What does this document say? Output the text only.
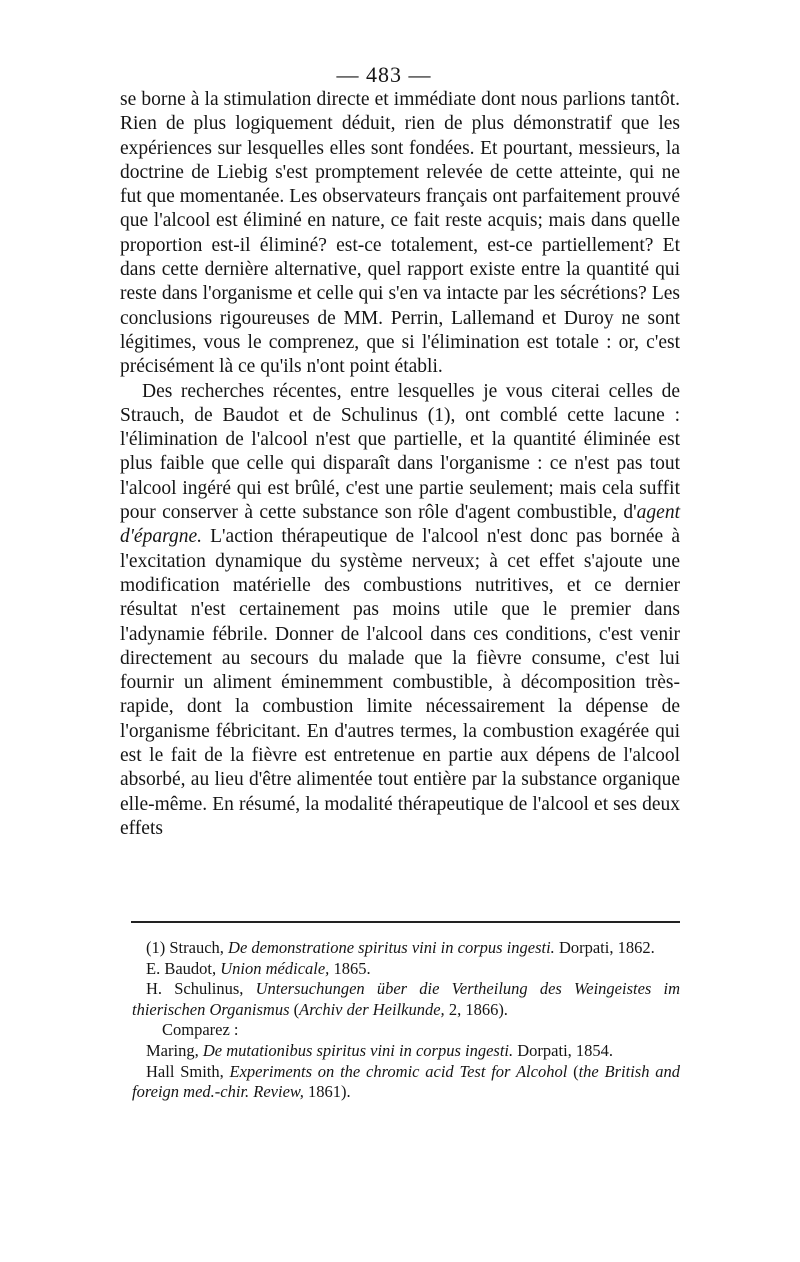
— 483 —

se borne à la stimulation directe et immédiate dont nous parlions tantôt. Rien de plus logiquement déduit, rien de plus démonstratif que les expériences sur lesquelles elles sont fondées. Et pourtant, messieurs, la doctrine de Liebig s'est promptement relevée de cette atteinte, qui ne fut que momentanée. Les observateurs français ont parfaitement prouvé que l'alcool est éliminé en nature, ce fait reste acquis; mais dans quelle proportion est-il éliminé? est-ce totalement, est-ce partiellement? Et dans cette dernière alternative, quel rapport existe entre la quantité qui reste dans l'organisme et celle qui s'en va intacte par les sécrétions? Les conclusions rigoureuses de MM. Perrin, Lallemand et Duroy ne sont légitimes, vous le comprenez, que si l'élimination est totale : or, c'est précisément là ce qu'ils n'ont point établi.

Des recherches récentes, entre lesquelles je vous citerai celles de Strauch, de Baudot et de Schulinus (1), ont comblé cette lacune : l'élimination de l'alcool n'est que partielle, et la quantité éliminée est plus faible que celle qui disparaît dans l'organisme : ce n'est pas tout l'alcool ingéré qui est brûlé, c'est une partie seulement; mais cela suffit pour conserver à cette substance son rôle d'agent combustible, d'agent d'épargne. L'action thérapeutique de l'alcool n'est donc pas bornée à l'excitation dynamique du système nerveux; à cet effet s'ajoute une modification matérielle des combustions nutritives, et ce dernier résultat n'est certainement pas moins utile que le premier dans l'adynamie fébrile. Donner de l'alcool dans ces conditions, c'est venir directement au secours du malade que la fièvre consume, c'est lui fournir un aliment éminemment combustible, à décomposition très-rapide, dont la combustion limite nécessairement la dépense de l'organisme fébricitant. En d'autres termes, la combustion exagérée qui est le fait de la fièvre est entretenue en partie aux dépens de l'alcool absorbé, au lieu d'être alimentée tout entière par la substance organique elle-même. En résumé, la modalité thérapeutique de l'alcool et ses deux effets

(1) Strauch, De demonstratione spiritus vini in corpus ingesti. Dorpati, 1862.

E. Baudot, Union médicale, 1865.

H. Schulinus, Untersuchungen über die Vertheilung des Weingeistes im thierischen Organismus (Archiv der Heilkunde, 2, 1866).

Comparez :

Maring, De mutationibus spiritus vini in corpus ingesti. Dorpati, 1854.

Hall Smith, Experiments on the chromic acid Test for Alcohol (the British and foreign med.-chir. Review, 1861).
